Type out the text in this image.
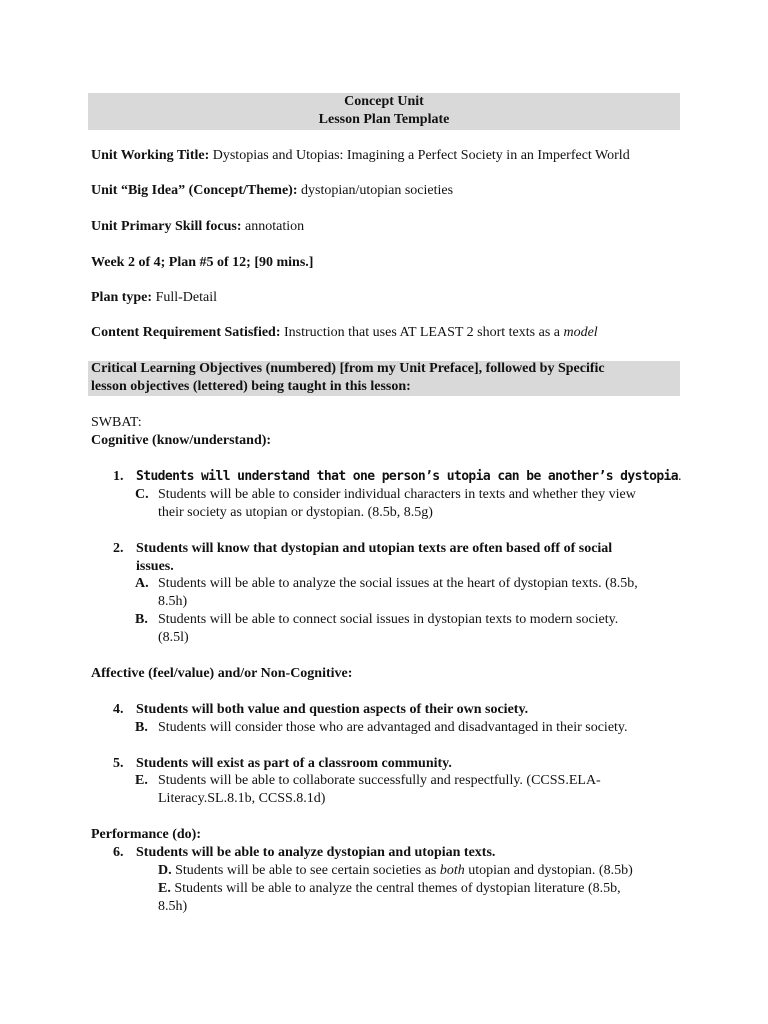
Concept Unit
Lesson Plan Template
Unit Working Title: Dystopias and Utopias: Imagining a Perfect Society in an Imperfect World
Unit “Big Idea” (Concept/Theme): dystopian/utopian societies
Unit Primary Skill focus: annotation
Week 2 of 4; Plan #5 of 12; [90 mins.]
Plan type: Full-Detail
Content Requirement Satisfied: Instruction that uses AT LEAST 2 short texts as a model
Critical Learning Objectives (numbered) [from my Unit Preface], followed by Specific
lesson objectives (lettered) being taught in this lesson:
SWBAT:
Cognitive (know/understand):
1. Students will understand that one person’s utopia can be another’s dystopia.
C. Students will be able to consider individual characters in texts and whether they view
their society as utopian or dystopian. (8.5b, 8.5g)
2. Students will know that dystopian and utopian texts are often based off of social
issues.
A. Students will be able to analyze the social issues at the heart of dystopian texts. (8.5b,
8.5h)
B. Students will be able to connect social issues in dystopian texts to modern society.
(8.5l)
Affective (feel/value) and/or Non-Cognitive:
4. Students will both value and question aspects of their own society.
B. Students will consider those who are advantaged and disadvantaged in their society.
5. Students will exist as part of a classroom community.
E. Students will be able to collaborate successfully and respectfully. (CCSS.ELA-
Literacy.SL.8.1b, CCSS.8.1d)
Performance (do):
6. Students will be able to analyze dystopian and utopian texts.
D. Students will be able to see certain societies as both utopian and dystopian. (8.5b)
E. Students will be able to analyze the central themes of dystopian literature (8.5b,
8.5h)
